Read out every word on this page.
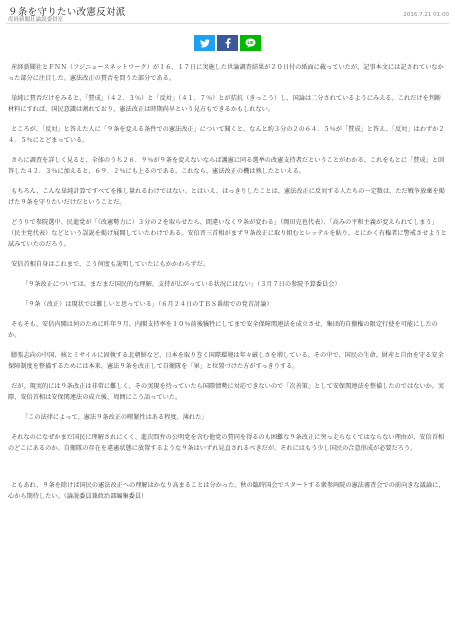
９条を守りたい改憲反対派	2016.7.21 01:00
産経新聞社論説委員室

産経新聞社とＦＮＮ（フジニュースネットワーク）が１６、１７日に実施した世論調査結果が２０日付の紙面に載っていたが、記事本文には記されていなかった部分に注目した。憲法改正の賛否を問うた部分である。

単純に賛否だけをみると、「賛成」（４２．３％）と「反対」（４１．７％）とが拮抗（きっこう）し、国論は二分されているようにみえる。これだけを判断材料にすれば、国民意識は割れており、憲法改正は時期尚早という見方もできるかもしれない。

ところが、「反対」と答えた人に「９条を変える条件での憲法改正」について聞くと、なんと約３分の２の６４．５％が「賛成」と答え、「反対」はわずか２４．５％にとどまっている。

さらに調査を詳しく見ると、全体のうち２６．９％が９条を変えないならば護憲に同る選挙の改憲支持者だということがわかる。これをもとに「賛成」と回答した４２．３％に加えると、６９．２％にも上るのである。これなら、憲法改正の機は熟したといえる。

もちろん、こんな単純計算ですべてを推し量れるわけではない。とはいえ、はっきりしたことは、憲法改正に反対する人たちの一定数は、ただ戦争放棄を掲げた９条を守りたいだけだということだ。

どうりで参院選中、民進党が「（改憲勢力に）３分の２を取らせたら、間違いなく９条が変わる」（岡田克也代表）、「高みの平和主義が変えられてしまう」（民主党代表）などという誤説を掲げ展開していたわけである。安倍晋三首相がまず９条改正に取り組むとレッテルを貼り、とにかく有権者に警戒させようと試みていたのだろう。

安倍首相自身はこれまで、こう何度も説明していたにもかかわらずだ。

「９条改正については、まだまだ国民的な理解、支持が広がっている状況にはない」（３月７日の参院予算委員会）

「９条（改正）は現状では難しいと思っている」（６月２４日のＴＢＳ番組での党首討論）

そもそも、安倍内閣は何のために昨年９月、内閣支持率を１０％前後犠牲にしてまで安全保障関連法を成立させ、集団的自衛権の限定行使を可能にしたのか。

膨張志向の中国、核とミサイルに固執する北朝鮮など、日本を取り巻く国際環境は年々厳しさを増している。その中で、国民の生命、財産と自由を守る安全保障制度を整備するためには本来、憲法９条を改正して自衛隊を「軍」と位置づけた方がすっきりする。

だが、現実的には９条改正は非常に難しく、その実現を待っていたら国際情勢に対応できないので「次善策」として安保関連法を整備したのではないか。実際、安倍首相は安保関連法の成立後、周囲にこう語っていた。

「この法律によって、憲法９条改正の喫緊性はある程度、薄れた」

それなのになぜかまだ国民に理解されにくく、進次問弁の公明党を含む他党の賛同を得るのも困難な９条改正に突っ走らなくてはならない理由が、安倍首相のどこにあるのか。自衛隊の存在を違憲状態に放置するような９条はいずれ見直されるべきだが、それにはもう少し国民の合意形成が必要だろう。

ともあれ、９条を除けば国民の憲法改正への理解はかなり高まることは分かった。秋の臨時国会でスタートする衆参両院の憲法審査会での前向きな議論に、心から期待したい。（論説委員兼政治部編集委員）
